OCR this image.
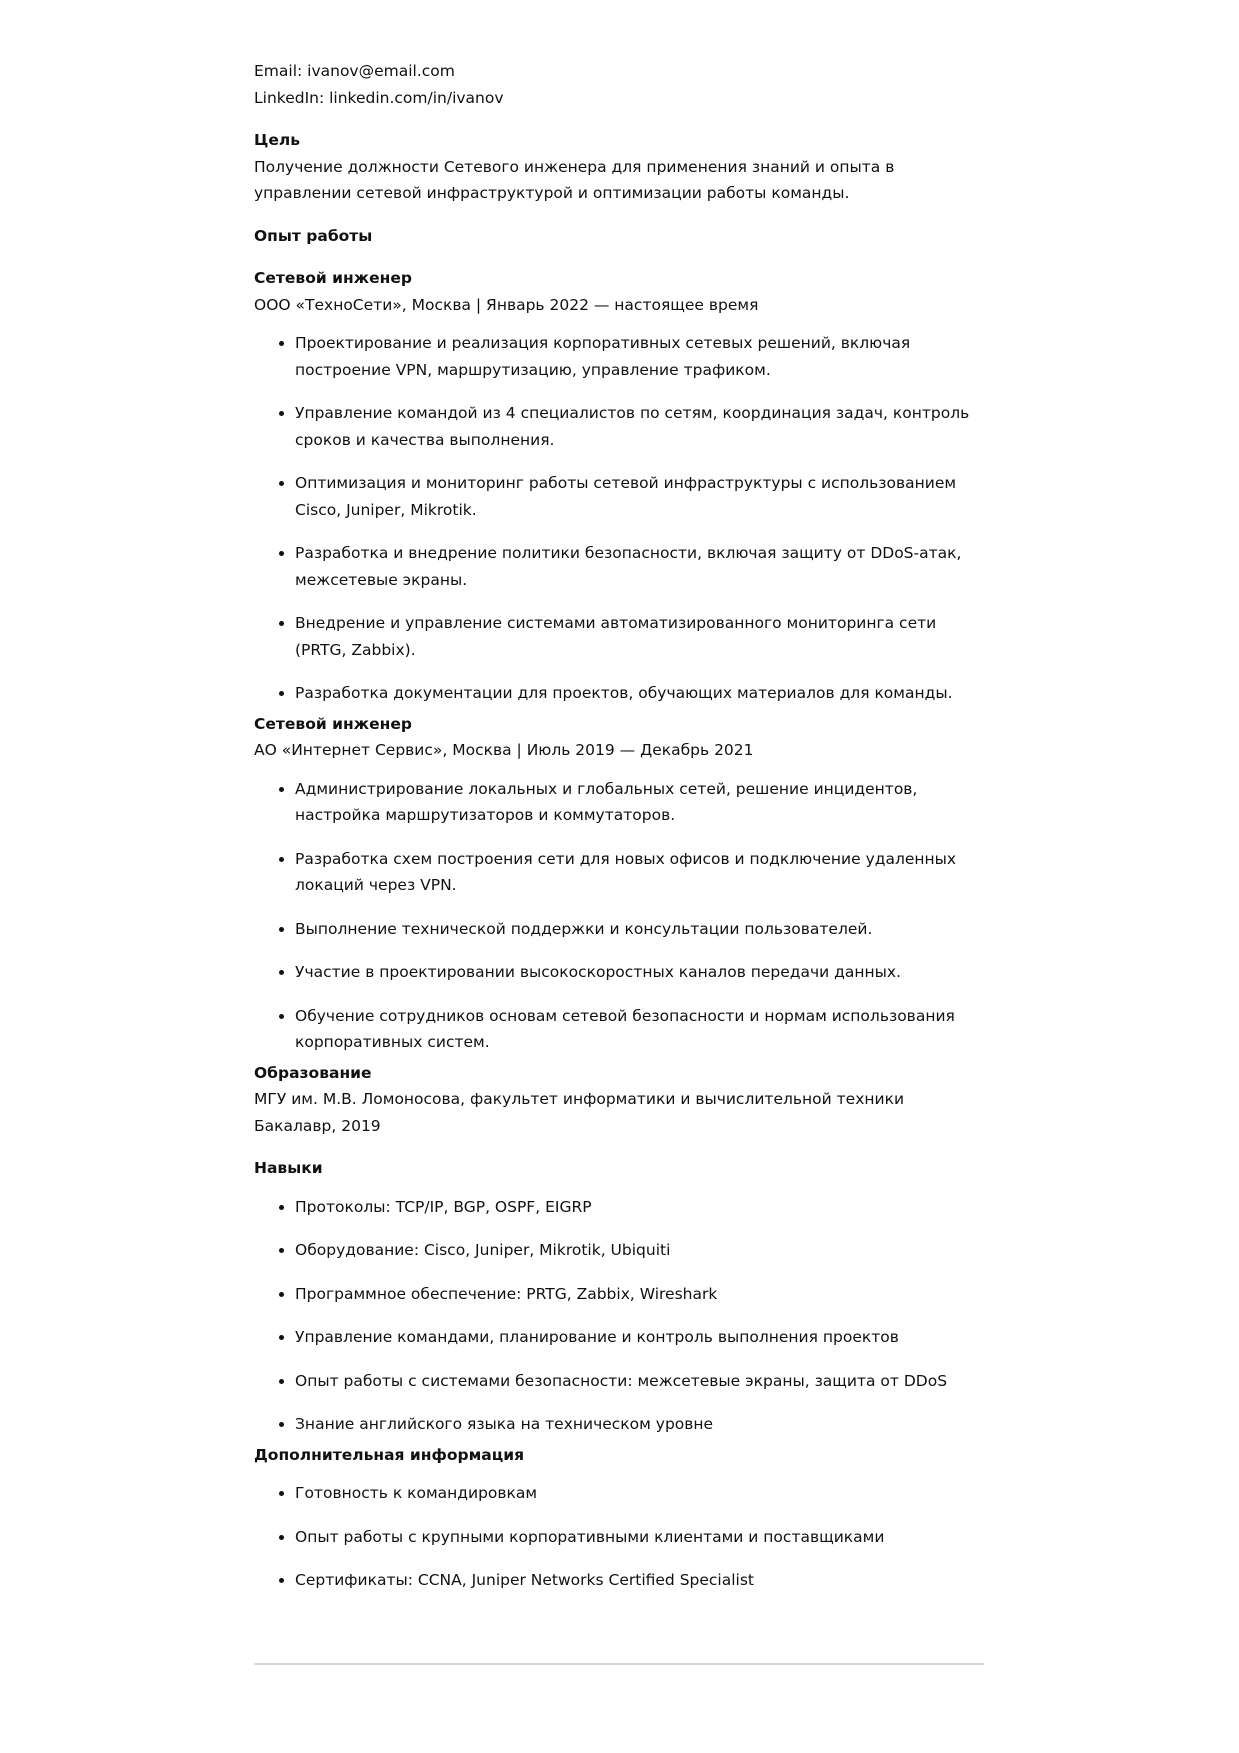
Email: ivanov@email.com

LinkedIn: linkedin.com/in/ivanov

Цель

Получение должности Сетевого инженера для применения знаний и опыта в управлении сетевой инфраструктурой и оптимизации работы команды.

Опыт работы
Сетевой инженер

ООО «ТехноСети», Москва | Январь 2022 — настоящее время

• Проектирование и реализация корпоративных сетевых решений, включая построение VPN, маршрутизацию, управление трафиком.
• Управление командой из 4 специалистов по сетям, координация задач, контроль сроков и качества выполнения.
• Оптимизация и мониторинг работы сетевой инфраструктуры с использованием Cisco, Juniper, Mikrotik.
• Разработка и внедрение политики безопасности, включая защиту от DDoS-атак, межсетевые экраны.
• Внедрение и управление системами автоматизированного мониторинга сети (PRTG, Zabbix).
• Разработка документации для проектов, обучающих материалов для команды.
Сетевой инженер

АО «Интернет Сервис», Москва | Июль 2019 — Декабрь 2021

• Администрирование локальных и глобальных сетей, решение инцидентов, настройка маршрутизаторов и коммутаторов.
• Разработка схем построения сети для новых офисов и подключение удаленных локаций через VPN.
• Выполнение технической поддержки и консультации пользователей.
• Участие в проектировании высокоскоростных каналов передачи данных.
• Обучение сотрудников основам сетевой безопасности и нормам использования корпоративных систем.
Образование

МГУ им. М.В. Ломоносова, факультет информатики и вычислительной техники

Бакалавр, 2019

Навыки
• Протоколы: TCP/IP, BGP, OSPF, EIGRP
• Оборудование: Cisco, Juniper, Mikrotik, Ubiquiti
• Программное обеспечение: PRTG, Zabbix, Wireshark
• Управление командами, планирование и контроль выполнения проектов
• Опыт работы с системами безопасности: межсетевые экраны, защита от DDoS
• Знание английского языка на техническом уровне
Дополнительная информация
• Готовность к командировкам
• Опыт работы с крупными корпоративными клиентами и поставщиками
• Сертификаты: CCNA, Juniper Networks Certified Specialist
